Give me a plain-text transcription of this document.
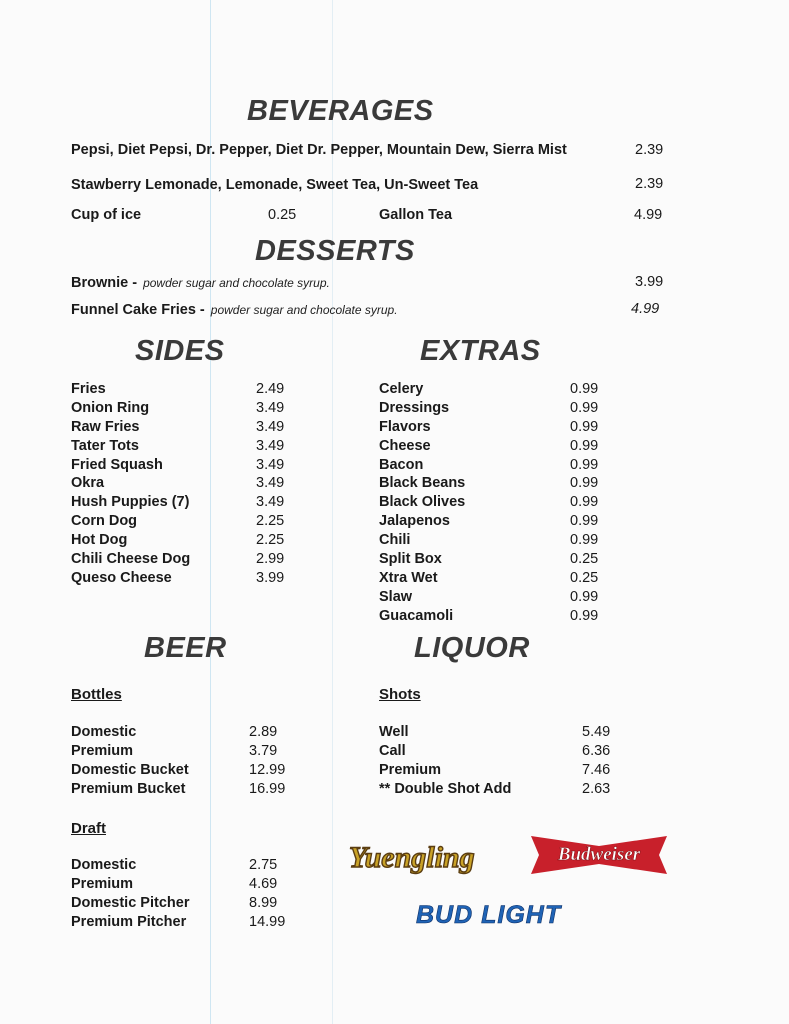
BEVERAGES
Pepsi, Diet Pepsi, Dr. Pepper, Diet Dr. Pepper, Mountain Dew, Sierra Mist	2.39
Stawberry Lemonade, Lemonade, Sweet Tea, Un-Sweet Tea	2.39
Cup of ice	0.25	Gallon Tea	4.99
DESSERTS
Brownie - powder sugar and chocolate syrup.	3.99
Funnel Cake Fries - powder sugar and chocolate syrup.	4.99
SIDES
Fries	2.49
Onion Ring	3.49
Raw Fries	3.49
Tater Tots	3.49
Fried Squash	3.49
Okra	3.49
Hush Puppies (7)	3.49
Corn Dog	2.25
Hot Dog	2.25
Chili Cheese Dog	2.99
Queso Cheese	3.99
EXTRAS
Celery	0.99
Dressings	0.99
Flavors	0.99
Cheese	0.99
Bacon	0.99
Black Beans	0.99
Black Olives	0.99
Jalapenos	0.99
Chili	0.99
Split Box	0.25
Xtra Wet	0.25
Slaw	0.99
Guacamoli	0.99
BEER
Bottles
Domestic	2.89
Premium	3.79
Domestic Bucket	12.99
Premium Bucket	16.99
Draft
Domestic	2.75
Premium	4.69
Domestic Pitcher	8.99
Premium Pitcher	14.99
LIQUOR
Shots
Well	5.49
Call	6.36
Premium	7.46
** Double Shot Add	2.63
Yuengling	Budweiser
BUD LIGHT
